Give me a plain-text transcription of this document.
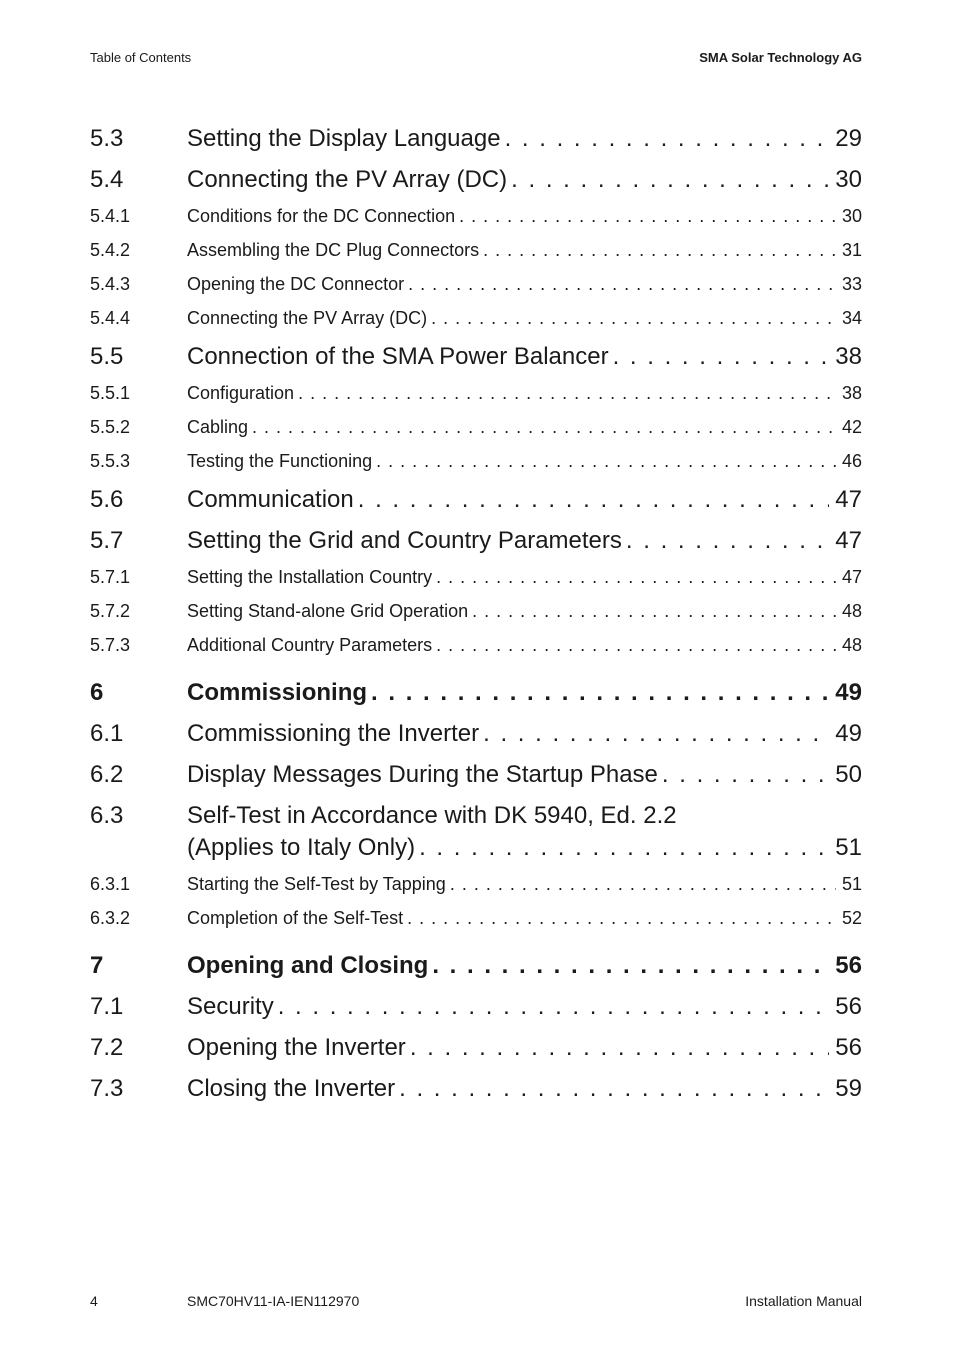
Table of Contents	SMA Solar Technology AG
5.3	Setting the Display Language . . .	29
5.4	Connecting the PV Array (DC) . . .	30
5.4.1	Conditions for the DC Connection . . .	30
5.4.2	Assembling the DC Plug Connectors . . .	31
5.4.3	Opening the DC Connector . . .	33
5.4.4	Connecting the PV Array (DC) . . .	34
5.5	Connection of the SMA Power Balancer . . .	38
5.5.1	Configuration . . .	38
5.5.2	Cabling . . .	42
5.5.3	Testing the Functioning . . .	46
5.6	Communication . . .	47
5.7	Setting the Grid and Country Parameters . . .	47
5.7.1	Setting the Installation Country . . .	47
5.7.2	Setting Stand-alone Grid Operation . . .	48
5.7.3	Additional Country Parameters . . .	48
6	Commissioning . . .	49
6.1	Commissioning the Inverter . . .	49
6.2	Display Messages During the Startup Phase . . .	50
6.3	Self-Test in Accordance with DK 5940, Ed. 2.2
(Applies to Italy Only) . . .	51
6.3.1	Starting the Self-Test by Tapping . . .	51
6.3.2	Completion of the Self-Test . . .	52
7	Opening and Closing . . .	56
7.1	Security . . .	56
7.2	Opening the Inverter . . .	56
7.3	Closing the Inverter . . .	59
4	SMC70HV11-IA-IEN112970	Installation Manual
